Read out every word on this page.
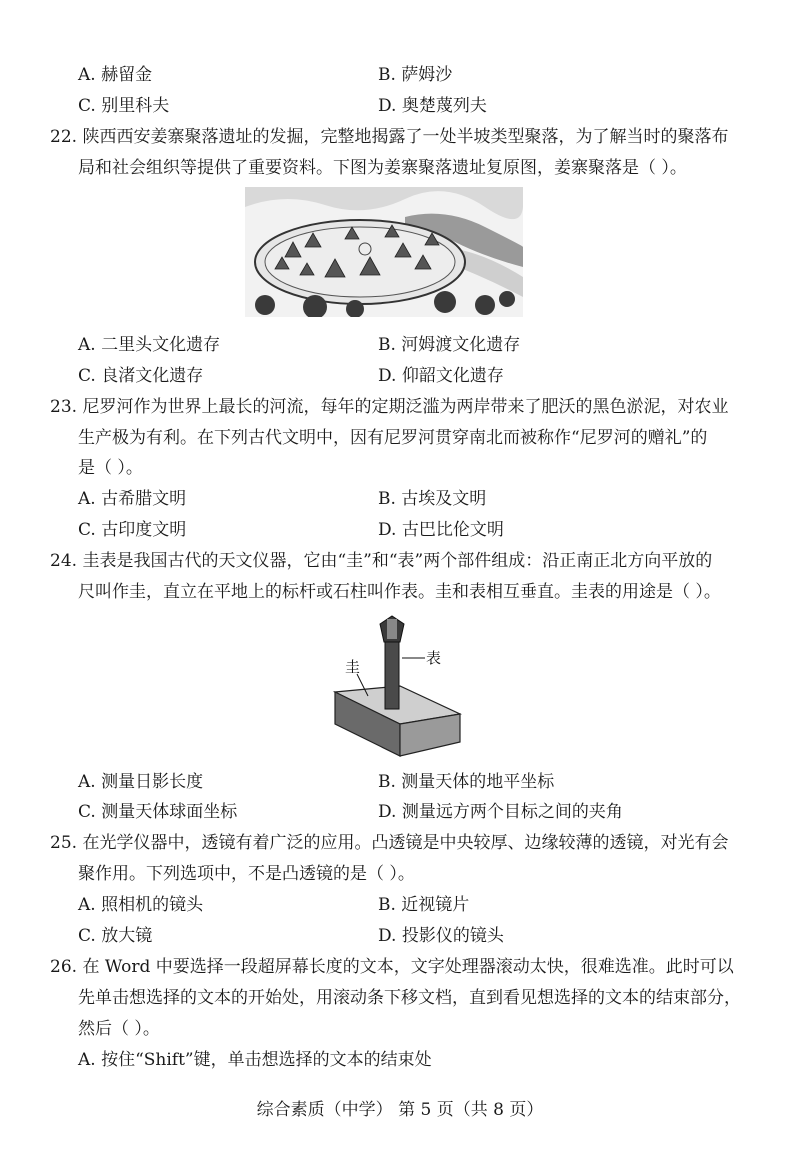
A. 赫留金	B. 萨姆沙
C. 别里科夫	D. 奥楚蔑列夫
22. 陕西西安姜寨聚落遗址的发掘，完整地揭露了一处半坡类型聚落，为了解当时的聚落布
局和社会组织等提供了重要资料。下图为姜寨聚落遗址复原图，姜寨聚落是（ ）。
A. 二里头文化遗存	B. 河姆渡文化遗存
C. 良渚文化遗存	D. 仰韶文化遗存
23. 尼罗河作为世界上最长的河流，每年的定期泛滥为两岸带来了肥沃的黑色淤泥，对农业
生产极为有利。在下列古代文明中，因有尼罗河贯穿南北而被称作“尼罗河的赠礼”的
是（ ）。
A. 古希腊文明	B. 古埃及文明
C. 古印度文明	D. 古巴比伦文明
24. 圭表是我国古代的天文仪器，它由“圭”和“表”两个部件组成：沿正南正北方向平放的
尺叫作圭，直立在平地上的标杆或石柱叫作表。圭和表相互垂直。圭表的用途是（ ）。
表
圭
A. 测量日影长度	B. 测量天体的地平坐标
C. 测量天体球面坐标	D. 测量远方两个目标之间的夹角
25. 在光学仪器中，透镜有着广泛的应用。凸透镜是中央较厚、边缘较薄的透镜，对光有会
聚作用。下列选项中，不是凸透镜的是（ ）。
A. 照相机的镜头	B. 近视镜片
C. 放大镜	D. 投影仪的镜头
26. 在 Word 中要选择一段超屏幕长度的文本，文字处理器滚动太快，很难选准。此时可以
先单击想选择的文本的开始处，用滚动条下移文档，直到看见想选择的文本的结束部分，
然后（ ）。
A. 按住“Shift”键，单击想选择的文本的结束处
综合素质（中学） 第 5 页（共 8 页）
